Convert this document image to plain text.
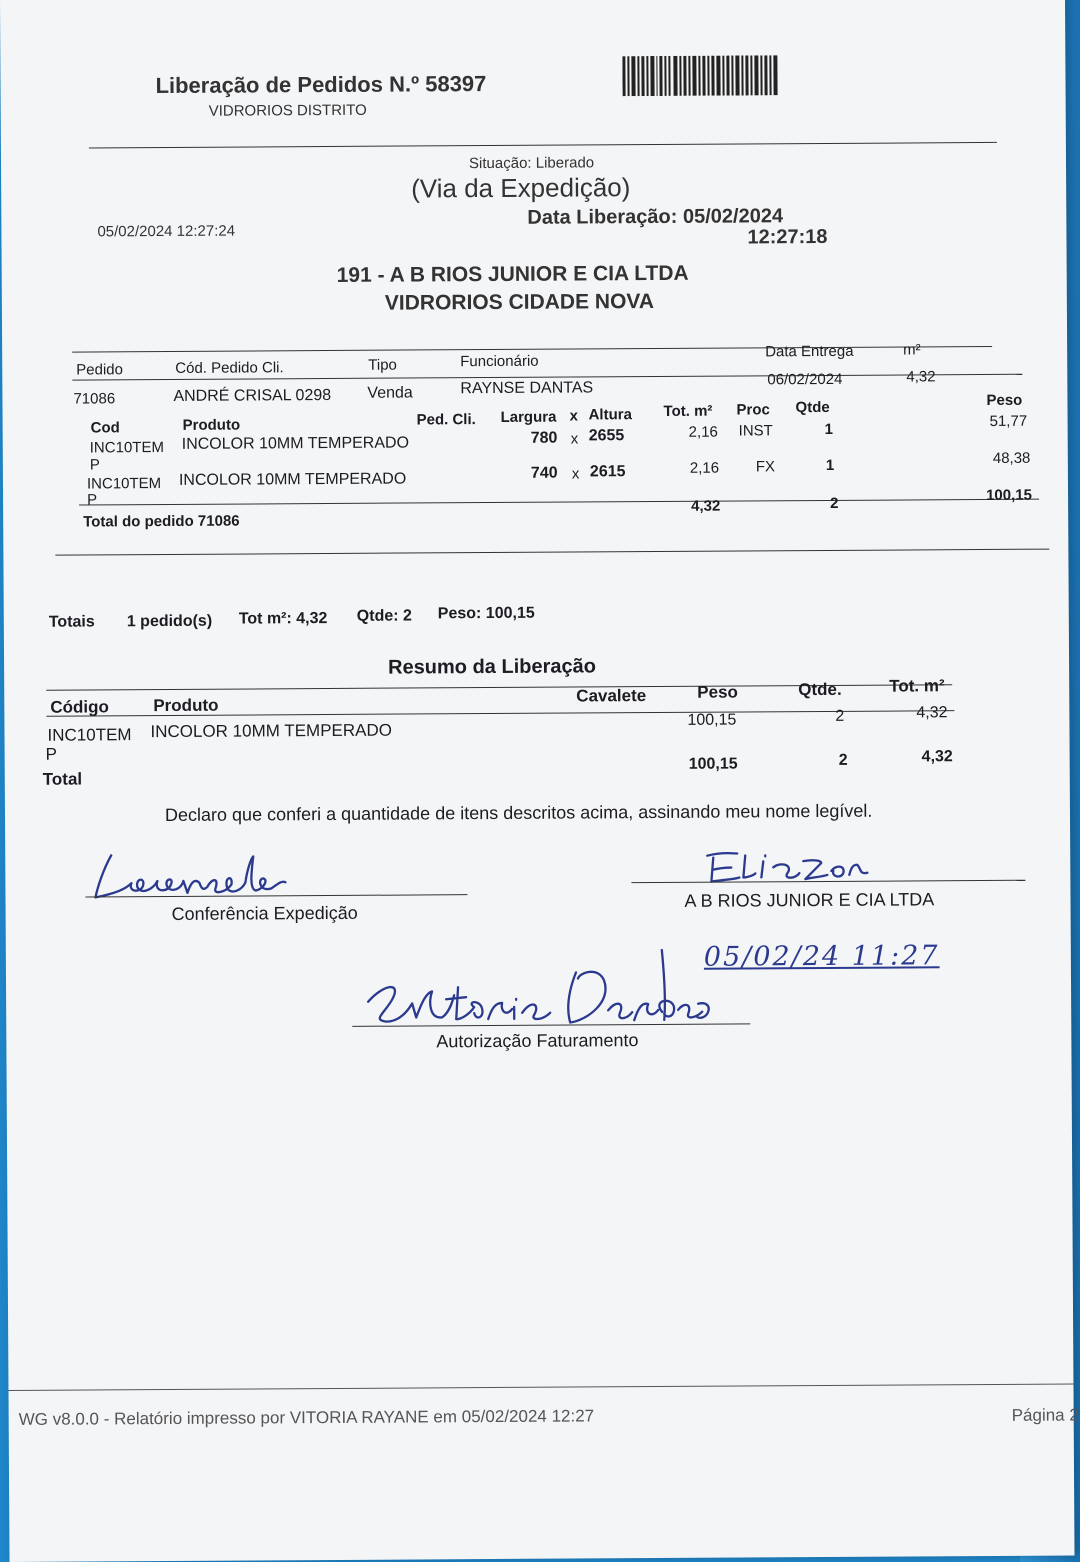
Liberação de Pedidos N.º 58397
VIDRORIOS DISTRITO
Situação: Liberado
(Via da Expedição)
05/02/2024 12:27:24
Data Liberação: 05/02/2024
12:27:18
191 - A B RIOS JUNIOR E CIA LTDA
VIDRORIOS CIDADE NOVA
Pedido	Cód. Pedido Cli.	Tipo	Funcionário
Data Entrega	m²
71086	ANDRÉ CRISAL 0298 Venda	RAYNSE DANTAS	06/02/2024	4,32
Cod	Produto	Ped. Cli. Largura x Altura Tot. m² Proc Qtde	Peso
INC10TEM
P
INCOLOR 10MM TEMPERADO	780 x 2655	2,16 INST	1	51,77
INC10TEM
P
INCOLOR 10MM TEMPERADO	740 x 2615	2,16 FX	1	48,38
Total do pedido 71086
4,32	2	100,15
Totais 1 pedido(s) Tot m²: 4,32 Qtde: 2 Peso: 100,15
Resumo da Liberação
Código	Produto	Cavalete	Peso	Qtde.	Tot. m²
INC10TEM
P
INCOLOR 10MM TEMPERADO
100,15	2	4,32
Total
100,15	2	4,32
Declaro que conferi a quantidade de itens descritos acima, assinando meu nome legível.
Conferência Expedição
A B RIOS JUNIOR E CIA LTDA
05/02/24 11:27
Autorização Faturamento
WG v8.0.0 - Relatório impresso por VITORIA RAYANE em 05/02/2024 12:27	Página 2
